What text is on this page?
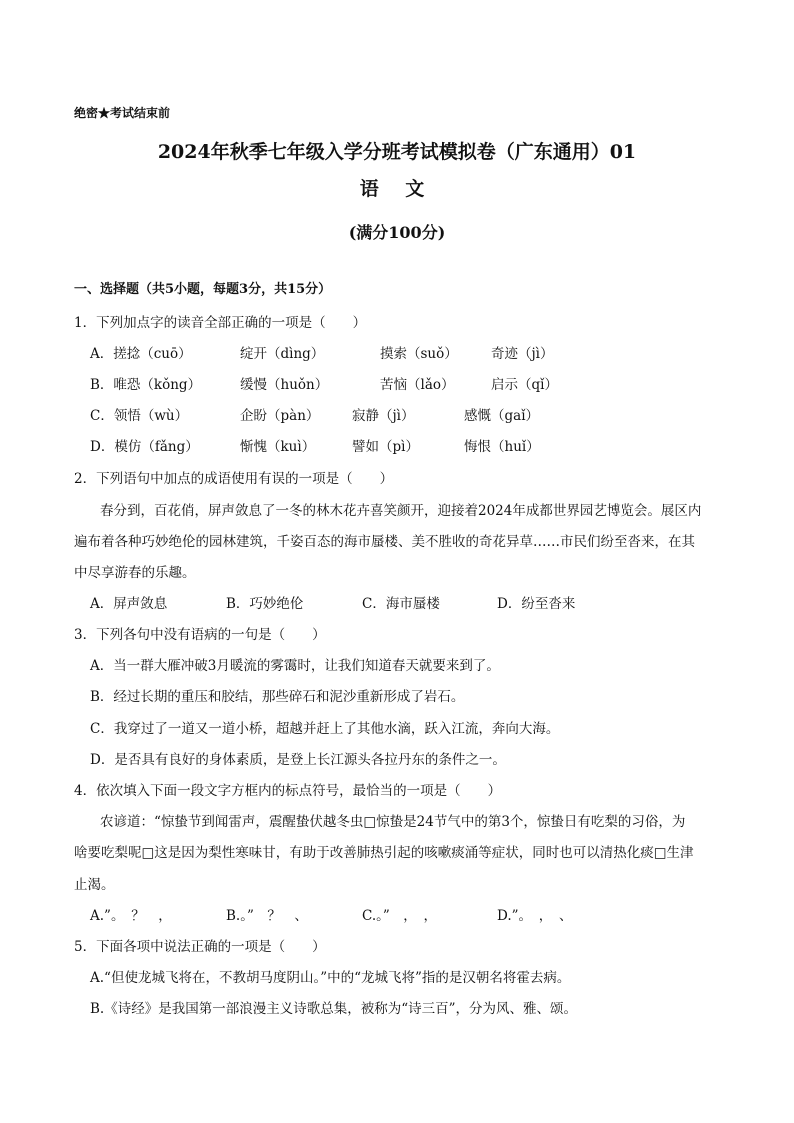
绝密★考试结束前
2024年秋季七年级入学分班考试模拟卷（广东通用）01
语 文
(满分100分)
一、选择题（共5小题，每题3分，共15分）
1．下列加点字的读音全部正确的一项是（　　）
A．搓捻（cuō）	绽开（dìng）	摸索（suǒ） 奇迹（jì）
B．唯恐（kǒng）	缓慢（huǒn）	苦恼（lǎo）	启示（qǐ）
C．领悟（wù）	企盼（pàn） 寂静（jì）	感慨（gaǐ）
D．模仿（fǎng）	惭愧（kuì）	譬如（pì）	悔恨（huǐ）
2．下列语句中加点的成语使用有误的一项是（　　）
春分到，百花俏，屏声敛息了一冬的林木花卉喜笑颜开，迎接着2024年成都世界园艺博览会。展区内
遍布着各种巧妙绝伦的园林建筑，千姿百态的海市蜃楼、美不胜收的奇花异草……市民们纷至沓来，在其
中尽享游春的乐趣。
A．屏声敛息	B．巧妙绝伦	C．海市蜃楼	D．纷至沓来
3．下列各句中没有语病的一句是（　　）
A．当一群大雁冲破3月暖流的雾霭时，让我们知道春天就要来到了。
B．经过长期的重压和胶结，那些碎石和泥沙重新形成了岩石。
C．我穿过了一道又一道小桥，超越并赶上了其他水滴，跃入江流，奔向大海。
D．是否具有良好的身体素质，是登上长江源头各拉丹东的条件之一。
4．依次填入下面一段文字方框内的标点符号，最恰当的一项是（　　）
农谚道：“惊蛰节到闻雷声，震醒蛰伏越冬虫□惊蛰是24节气中的第3个，惊蛰日有吃梨的习俗，为
啥要吃梨呢□这是因为梨性寒味甘，有助于改善肺热引起的咳嗽痰涌等症状，同时也可以清热化痰□生津
止渴。
A.”。　？　，	B.。”　？　、	C.。”　，　，	D.”。　，　、
5．下面各项中说法正确的一项是（　　）
A.“但使龙城飞将在，不教胡马度阴山。”中的“龙城飞将”指的是汉朝名将霍去病。
B.《诗经》是我国第一部浪漫主义诗歌总集，被称为“诗三百”，分为风、雅、颂。
